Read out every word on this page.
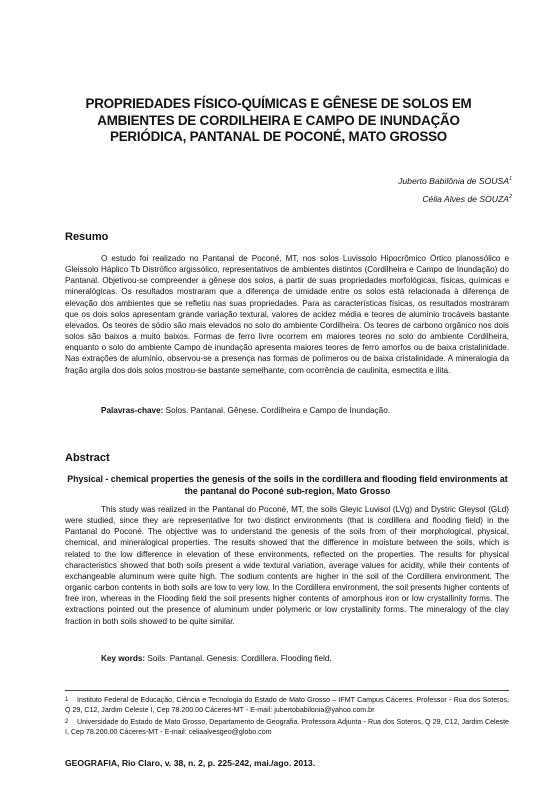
PROPRIEDADES FÍSICO-QUÍMICAS E GÊNESE DE SOLOS EM
AMBIENTES DE CORDILHEIRA E CAMPO DE INUNDAÇÃO
PERIÓDICA, PANTANAL DE POCONÉ, MATO GROSSO
Juberto Babilônia de SOUSA$^1$
Célia Alves de SOUZA$^2$
Resumo

O estudo foi realizado no Pantanal de Poconé, MT, nos solos Luvissolo Hipocrômico Órtico planossólico e Gleissolo Háplico Tb Distrófico argissólico, representativos de ambientes distintos (Cordilheira e Campo de Inundação) do Pantanal. Objetivou-se compreender a gênese dos solos, a partir de suas propriedades morfológicas, físicas, químicas e mineralógicas. Os resultados mostraram que a diferença de umidade entre os solos está relacionada à diferença de elevação dos ambientes que se refletiu nas suas propriedades. Para as características físicas, os resultados mostraram que os dois solos apresentam grande variação textural, valores de acidez média e teores de alumínio trocáveis bastante elevados. Os teores de sódio são mais elevados no solo do ambiente Cordilheira. Os teores de carbono orgânico nos dois solos são baixos a muito baixos. Formas de ferro livre ocorrem em maiores teores no solo do ambiente Cordilheira, enquanto o solo do ambiente Campo de inundação apresenta maiores teores de ferro amorfos ou de baixa cristalinidade. Nas extrações de alumínio, observou-se a presença nas formas de polímeros ou de baixa cristalinidade. A mineralogia da fração argila dos dois solos mostrou-se bastante semelhante, com ocorrência de caulinita, esmectita e ilita.

Palavras-chave: Solos. Pantanal. Gênese. Cordilheira e Campo de Inundação.

Abstract

Physical - chemical properties the genesis of the soils in the cordillera and flooding field environments at the pantanal do Poconé sub-region, Mato Grosso

This study was realized in the Pantanal do Poconé, MT, the soils Gleyic Luvisol (LVg) and Dystric Gleysol (GLd) were studied, since they are representative for two distinct environments (that is cordillera and flooding field) in the Pantanal do Poconé. The objective was to understand the genesis of the soils from of their morphological, physical, chemical, and mineralogical properties. The results showed that the difference in moisture between the soils, which is related to the low difference in elevation of these environments, reflected on the properties. The results for physical characteristics showed that both soils present a wide textural variation, average values for acidity, while their contents of exchangeable aluminum were quite high. The sodium contents are higher in the soil of the Cordillera environment. The organic carbon contents in both soils are low to very low. In the Cordillera environment, the soil presents higher contents of free iron, whereas in the Flooding field the soil presents higher contents of amorphous iron or low crystallinity forms. The extractions pointed out the presence of aluminum under polymeric or low crystallinity forms. The mineralogy of the clay fraction in both soils showed to be quite similar.

Key words: Soils. Pantanal. Genesis. Cordillera. Flooding field.

1 Instituto Federal de Educação, Ciência e Tecnologia do Estado de Mato Grosso – IFMT Campus Cáceres. Professor - Rua dos Soteros, Q 29, C12, Jardim Celeste I, Cep 78.200.00 Cáceres-MT - E-mail: jubertobabilonia@yahoo.com.br

2 Universidade do Estado de Mato Grosso, Departamento de Geografia. Professora Adjunta - Rua dos Soteros, Q 29, C12, Jardim Celeste I, Cep 78.200.00 Cáceres-MT - E-mail: celiaalvesgeo@globo.com

GEOGRAFIA, Rio Claro, v. 38, n. 2, p. 225-242, mai./ago. 2013.
